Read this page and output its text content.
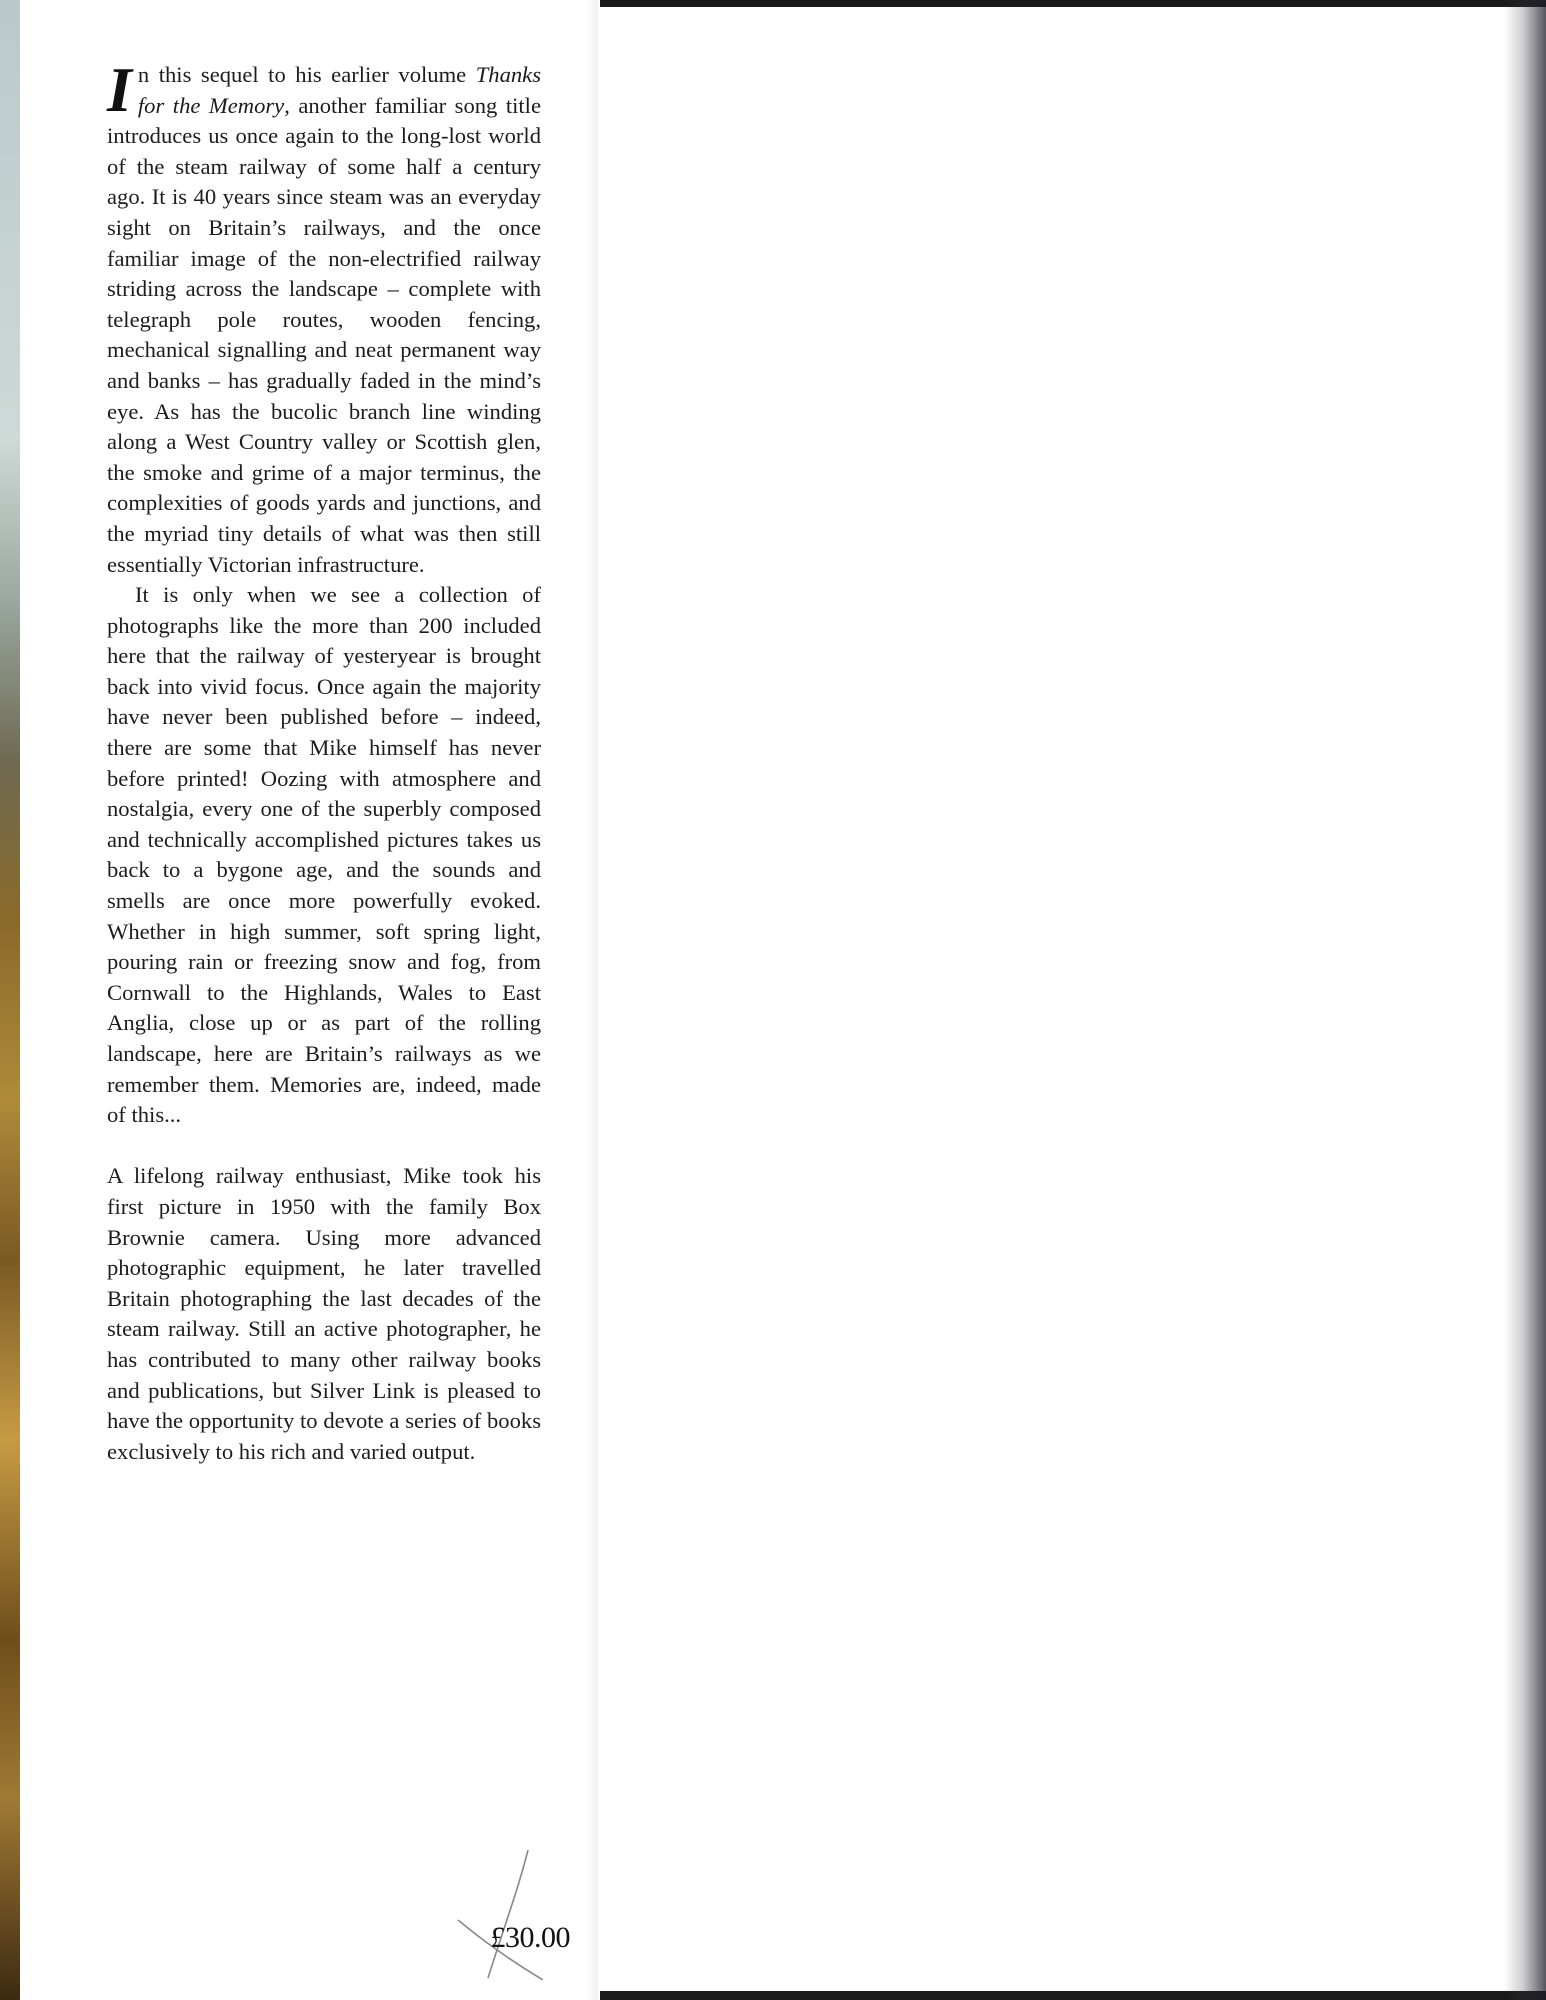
In this sequel to his earlier volume Thanks for the Memory, another familiar song title introduces us once again to the long-lost world of the steam railway of some half a century ago. It is 40 years since steam was an everyday sight on Britain’s railways, and the once familiar image of the non-electrified railway striding across the landscape – complete with telegraph pole routes, wooden fencing, mechanical signalling and neat permanent way and banks – has gradually faded in the mind’s eye. As has the bucolic branch line winding along a West Country valley or Scottish glen, the smoke and grime of a major terminus, the complexities of goods yards and junctions, and the myriad tiny details of what was then still essentially Victorian infrastructure.

It is only when we see a collection of photographs like the more than 200 included here that the railway of yesteryear is brought back into vivid focus. Once again the majority have never been published before – indeed, there are some that Mike himself has never before printed! Oozing with atmosphere and nostalgia, every one of the superbly composed and technically accomplished pictures takes us back to a bygone age, and the sounds and smells are once more powerfully evoked. Whether in high summer, soft spring light, pouring rain or freezing snow and fog, from Cornwall to the Highlands, Wales to East Anglia, close up or as part of the rolling landscape, here are Britain’s railways as we remember them. Memories are, indeed, made of this...

A lifelong railway enthusiast, Mike took his first picture in 1950 with the family Box Brownie camera. Using more advanced photographic equipment, he later travelled Britain photographing the last decades of the steam railway. Still an active photographer, he has contributed to many other railway books and publications, but Silver Link is pleased to have the opportunity to devote a series of books exclusively to his rich and varied output.

£30.00
